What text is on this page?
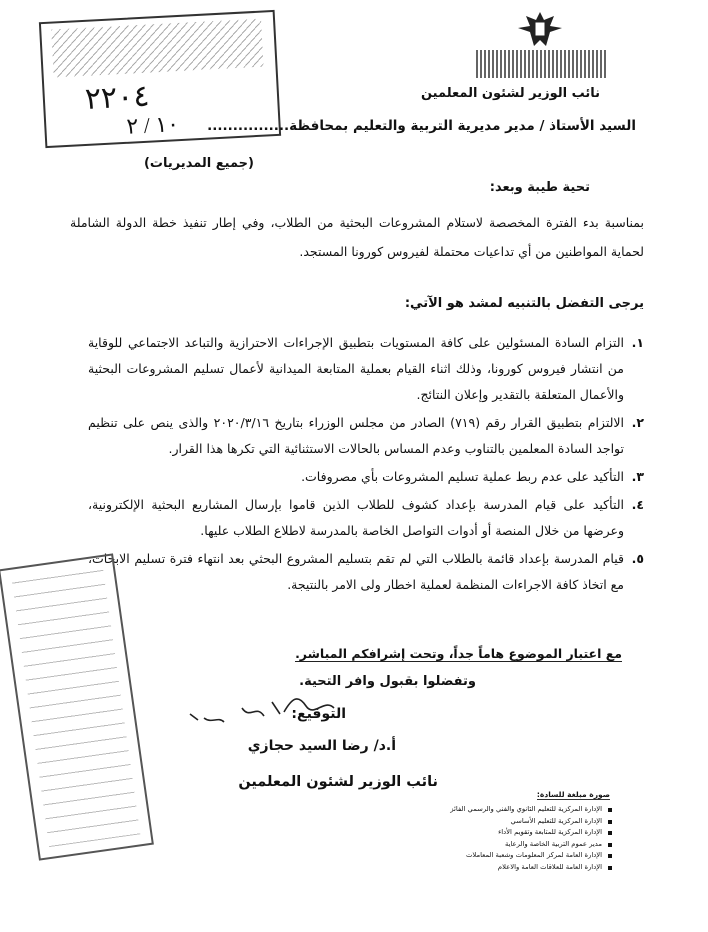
٢٢٠٤
١٠ / ٢
نائب الوزير لشئون المعلمين
السيد الأستاذ / مدير مديرية التربية والتعليم بمحافظة................
(جميع المديريات)
تحية طيبة وبعد:
بمناسبة بدء الفترة المخصصة لاستلام المشروعات البحثية من الطلاب، وفي إطار تنفيذ خطة الدولة الشاملة لحماية المواطنين من أي تداعيات محتملة لفيروس كورونا المستجد.
يرجى التفضل بالتنبيه لمشد هو الآتي:
١.
التزام السادة المسئولين على كافة المستويات بتطبيق الإجراءات الاحترازية والتباعد الاجتماعي للوقاية من انتشار فيروس كورونا، وذلك اثناء القيام بعملية المتابعة الميدانية لأعمال تسليم المشروعات البحثية والأعمال المتعلقة بالتقدير وإعلان النتائج.
٢.
الالتزام بتطبيق القرار رقم (٧١٩) الصادر من مجلس الوزراء بتاريخ ٢٠٢٠/٣/١٦ والذى ينص على تنظيم تواجد السادة المعلمين بالتناوب وعدم المساس بالحالات الاستثنائية التي تكرها هذا القرار.
٣.
التأكيد على عدم ربط عملية تسليم المشروعات بأي مصروفات.
٤.
التأكيد على قيام المدرسة بإعداد كشوف للطلاب الذين قاموا بإرسال المشاريع البحثية الإلكترونية، وعرضها من خلال المنصة أو أدوات التواصل الخاصة بالمدرسة لاطلاع الطلاب عليها.
٥.
قيام المدرسة بإعداد قائمة بالطلاب التي لم تقم بتسليم المشروع البحثي بعد انتهاء فترة تسليم الابحاث، مع اتخاذ كافة الاجراءات المنظمة لعملية اخطار ولى الامر بالنتيجة.
مع اعتبار الموضوع هاماً جداً، وتحت إشرافكم المباشر.
وتفضلوا بقبول وافر التحية.
التوقيع:
أ.د/ رضا السيد حجازي
نائب الوزير لشئون المعلمين
صورة مبلغة للسادة:
الإدارة المركزية للتعليم الثانوي والفني والرسمي الفائز
الإدارة المركزية للتعليم الأساسي
الإدارة المركزية للمتابعة وتقويم الأداء
مدير عموم التربية الخاصة والرعاية
الإدارة العامة لمركز المعلومات وشعبة المعاملات
الإدارة العامة للعلاقات العامة والاعلام
